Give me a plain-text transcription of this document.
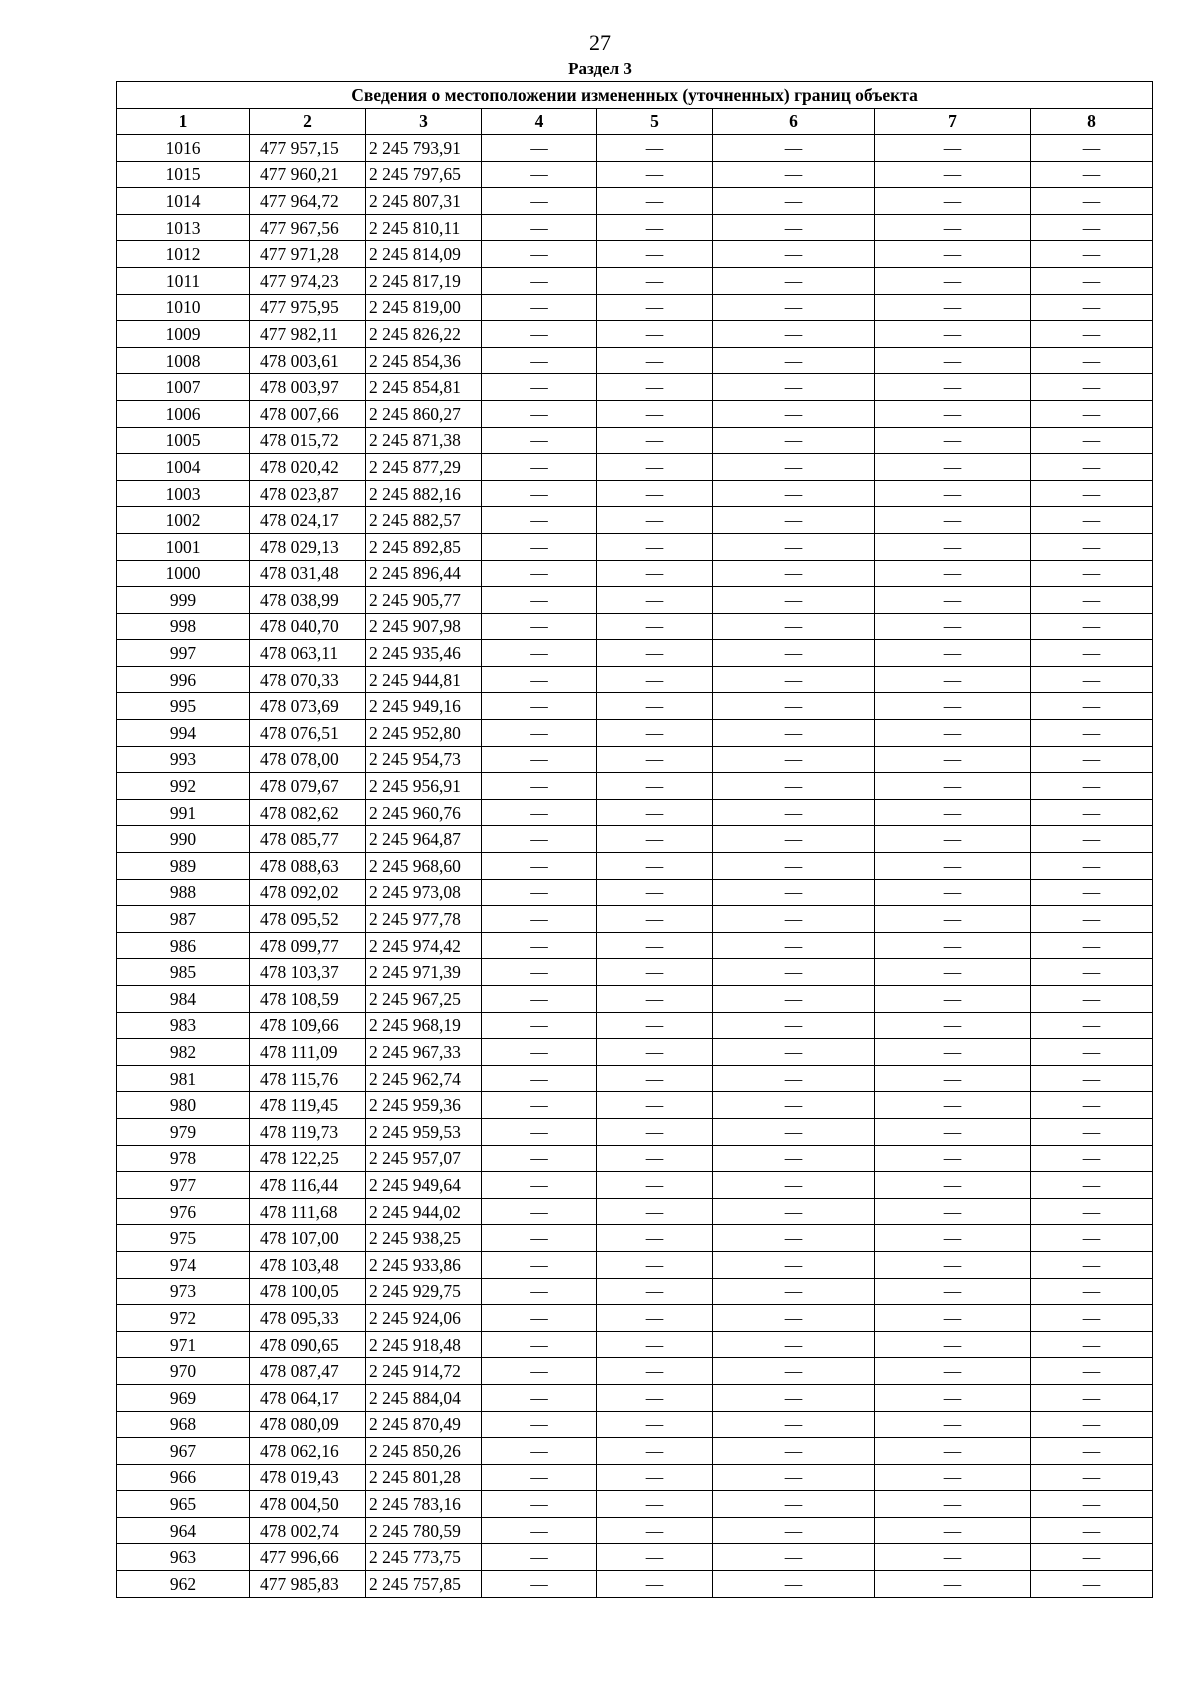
27
Раздел 3
Сведения о местоположении измененных (уточненных) границ объекта							
1	2	3	4	5	6	7	8
1016	477 957,15	2 245 793,91	—	—	—	—	—
1015	477 960,21	2 245 797,65	—	—	—	—	—
1014	477 964,72	2 245 807,31	—	—	—	—	—
1013	477 967,56	2 245 810,11	—	—	—	—	—
1012	477 971,28	2 245 814,09	—	—	—	—	—
1011	477 974,23	2 245 817,19	—	—	—	—	—
1010	477 975,95	2 245 819,00	—	—	—	—	—
1009	477 982,11	2 245 826,22	—	—	—	—	—
1008	478 003,61	2 245 854,36	—	—	—	—	—
1007	478 003,97	2 245 854,81	—	—	—	—	—
1006	478 007,66	2 245 860,27	—	—	—	—	—
1005	478 015,72	2 245 871,38	—	—	—	—	—
1004	478 020,42	2 245 877,29	—	—	—	—	—
1003	478 023,87	2 245 882,16	—	—	—	—	—
1002	478 024,17	2 245 882,57	—	—	—	—	—
1001	478 029,13	2 245 892,85	—	—	—	—	—
1000	478 031,48	2 245 896,44	—	—	—	—	—
999	478 038,99	2 245 905,77	—	—	—	—	—
998	478 040,70	2 245 907,98	—	—	—	—	—
997	478 063,11	2 245 935,46	—	—	—	—	—
996	478 070,33	2 245 944,81	—	—	—	—	—
995	478 073,69	2 245 949,16	—	—	—	—	—
994	478 076,51	2 245 952,80	—	—	—	—	—
993	478 078,00	2 245 954,73	—	—	—	—	—
992	478 079,67	2 245 956,91	—	—	—	—	—
991	478 082,62	2 245 960,76	—	—	—	—	—
990	478 085,77	2 245 964,87	—	—	—	—	—
989	478 088,63	2 245 968,60	—	—	—	—	—
988	478 092,02	2 245 973,08	—	—	—	—	—
987	478 095,52	2 245 977,78	—	—	—	—	—
986	478 099,77	2 245 974,42	—	—	—	—	—
985	478 103,37	2 245 971,39	—	—	—	—	—
984	478 108,59	2 245 967,25	—	—	—	—	—
983	478 109,66	2 245 968,19	—	—	—	—	—
982	478 111,09	2 245 967,33	—	—	—	—	—
981	478 115,76	2 245 962,74	—	—	—	—	—
980	478 119,45	2 245 959,36	—	—	—	—	—
979	478 119,73	2 245 959,53	—	—	—	—	—
978	478 122,25	2 245 957,07	—	—	—	—	—
977	478 116,44	2 245 949,64	—	—	—	—	—
976	478 111,68	2 245 944,02	—	—	—	—	—
975	478 107,00	2 245 938,25	—	—	—	—	—
974	478 103,48	2 245 933,86	—	—	—	—	—
973	478 100,05	2 245 929,75	—	—	—	—	—
972	478 095,33	2 245 924,06	—	—	—	—	—
971	478 090,65	2 245 918,48	—	—	—	—	—
970	478 087,47	2 245 914,72	—	—	—	—	—
969	478 064,17	2 245 884,04	—	—	—	—	—
968	478 080,09	2 245 870,49	—	—	—	—	—
967	478 062,16	2 245 850,26	—	—	—	—	—
966	478 019,43	2 245 801,28	—	—	—	—	—
965	478 004,50	2 245 783,16	—	—	—	—	—
964	478 002,74	2 245 780,59	—	—	—	—	—
963	477 996,66	2 245 773,75	—	—	—	—	—
962	477 985,83	2 245 757,85	—	—	—	—	—
